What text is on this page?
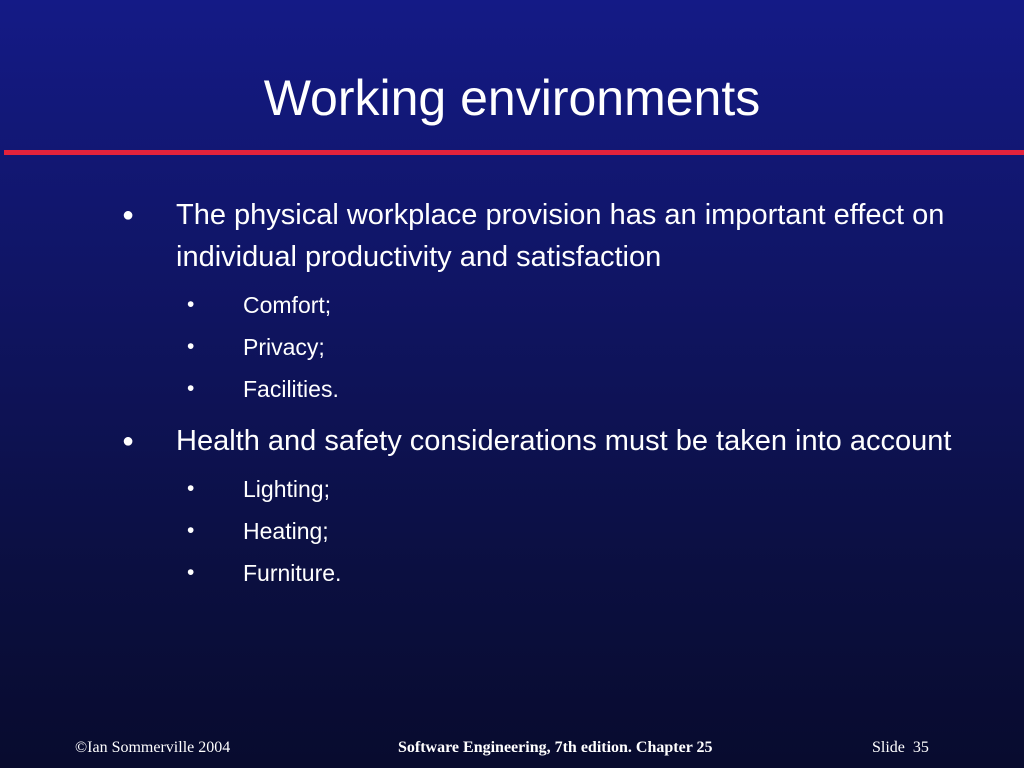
Working environments
● The physical workplace provision has an important effect on individual productivity and satisfaction
• Comfort;
• Privacy;
• Facilities.
● Health and safety considerations must be taken into account
• Lighting;
• Heating;
• Furniture.
©Ian Sommerville 2004	Software Engineering, 7th edition. Chapter 25	Slide 35
